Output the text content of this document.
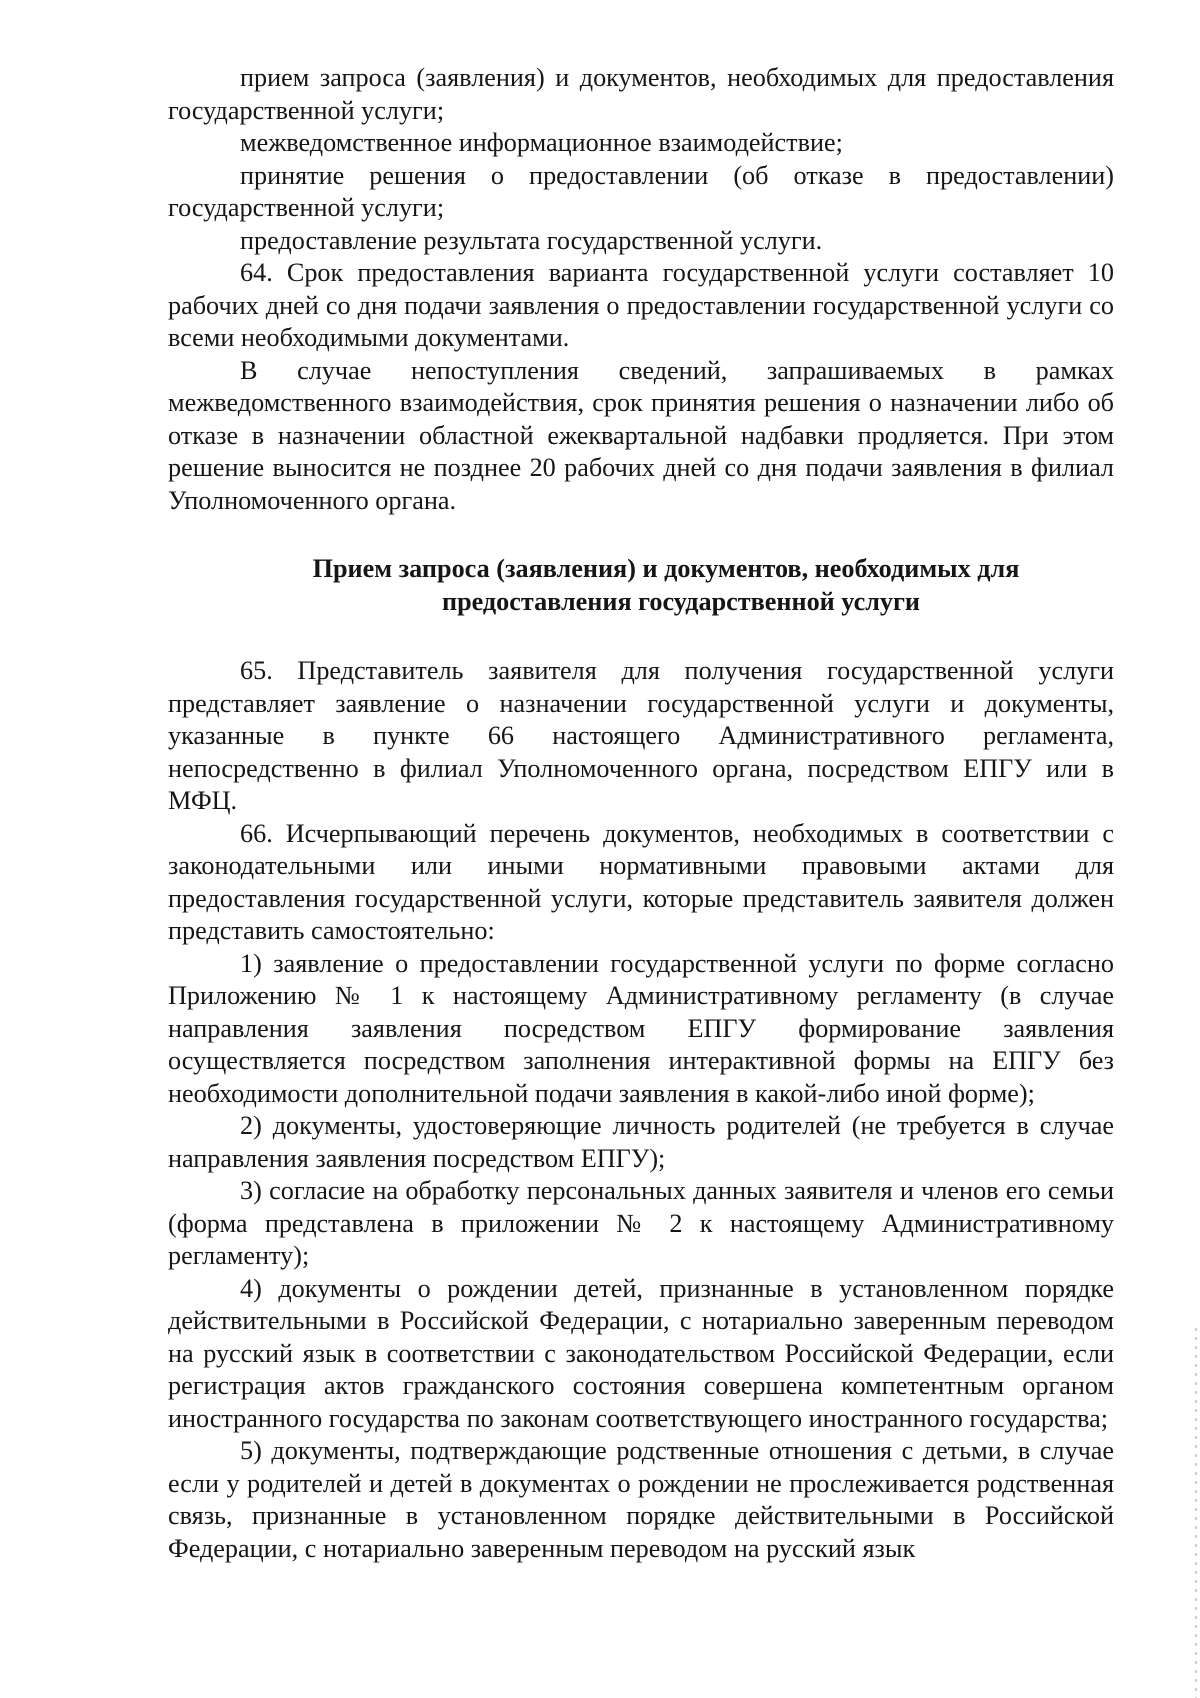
прием запроса (заявления) и документов, необходимых для предоставления государственной услуги;

межведомственное информационное взаимодействие;

принятие решения о предоставлении (об отказе в предоставлении) государственной услуги;

предоставление результата государственной услуги.

64. Срок предоставления варианта государственной услуги составляет 10 рабочих дней со дня подачи заявления о предоставлении государственной услуги со всеми необходимыми документами.

В случае непоступления сведений, запрашиваемых в рамках межведомственного взаимодействия, срок принятия решения о назначении либо об отказе в назначении областной ежеквартальной надбавки продляется. При этом решение выносится не позднее 20 рабочих дней со дня подачи заявления в филиал Уполномоченного органа.

Прием запроса (заявления) и документов, необходимых для
предоставления государственной услуги

65. Представитель заявителя для получения государственной услуги представляет заявление о назначении государственной услуги и документы, указанные в пункте 66 настоящего Административного регламента, непосредственно в филиал Уполномоченного органа, посредством ЕПГУ или в МФЦ.

66. Исчерпывающий перечень документов, необходимых в соответствии с законодательными или иными нормативными правовыми актами для предоставления государственной услуги, которые представитель заявителя должен представить самостоятельно:

1) заявление о предоставлении государственной услуги по форме согласно Приложению № 1 к настоящему Административному регламенту (в случае направления заявления посредством ЕПГУ формирование заявления осуществляется посредством заполнения интерактивной формы на ЕПГУ без необходимости дополнительной подачи заявления в какой-либо иной форме);

2) документы, удостоверяющие личность родителей (не требуется в случае направления заявления посредством ЕПГУ);

3) согласие на обработку персональных данных заявителя и членов его семьи (форма представлена в приложении № 2 к настоящему Административному регламенту);

4) документы о рождении детей, признанные в установленном порядке действительными в Российской Федерации, с нотариально заверенным переводом на русский язык в соответствии с законодательством Российской Федерации, если регистрация актов гражданского состояния совершена компетентным органом иностранного государства по законам соответствующего иностранного государства;

5) документы, подтверждающие родственные отношения с детьми, в случае если у родителей и детей в документах о рождении не прослеживается родственная связь, признанные в установленном порядке действительными в Российской Федерации, с нотариально заверенным переводом на русский язык
